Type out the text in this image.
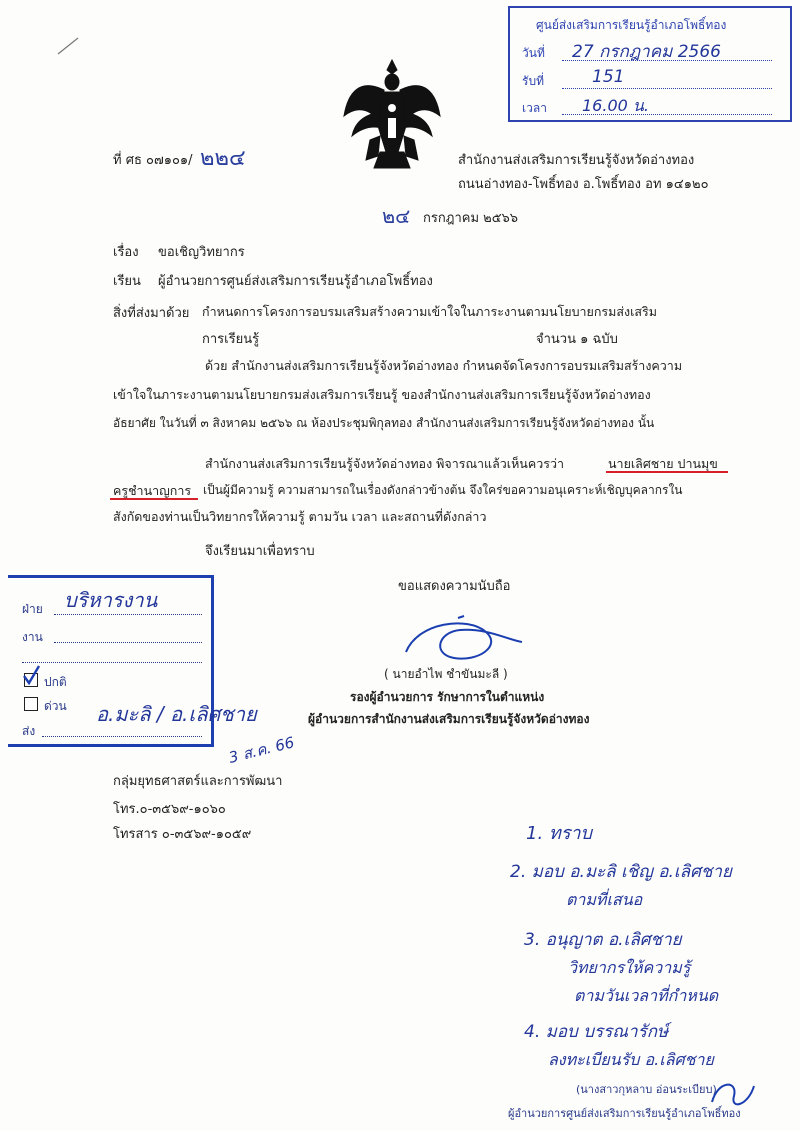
ศูนย์ส่งเสริมการเรียนรู้อำเภอโพธิ์ทอง
วันที่ 27 กรกฎาคม 2566
รับที่	151
เวลา 16.00 น.
ที่ ศธ ๐๗๑๐๑/ ๒๒๔	สำนักงานส่งเสริมการเรียนรู้จังหวัดอ่างทอง
ถนนอ่างทอง-โพธิ์ทอง อ.โพธิ์ทอง อท ๑๔๑๒๐
๒๔ กรกฎาคม ๒๕๖๖
เรื่อง ขอเชิญวิทยากร
เรียน ผู้อำนวยการศูนย์ส่งเสริมการเรียนรู้อำเภอโพธิ์ทอง
สิ่งที่ส่งมาด้วย กำหนดการโครงการอบรมเสริมสร้างความเข้าใจในภาระงานตามนโยบายกรมส่งเสริม
การเรียนรู้	จำนวน ๑ ฉบับ
ด้วย สำนักงานส่งเสริมการเรียนรู้จังหวัดอ่างทอง กำหนดจัดโครงการอบรมเสริมสร้างความ
เข้าใจในภาระงานตามนโยบายกรมส่งเสริมการเรียนรู้ ของสำนักงานส่งเสริมการเรียนรู้จังหวัดอ่างทอง
อัธยาศัย ในวันที่ ๓ สิงหาคม ๒๕๖๖ ณ ห้องประชุมพิกุลทอง สำนักงานส่งเสริมการเรียนรู้จังหวัดอ่างทอง นั้น
สำนักงานส่งเสริมการเรียนรู้จังหวัดอ่างทอง พิจารณาแล้วเห็นควรว่า	นายเลิศชาย ปานมุข
ครูชำนาญการ เป็นผู้มีความรู้ ความสามารถในเรื่องดังกล่าวข้างต้น จึงใคร่ขอความอนุเคราะห์เชิญบุคลากรใน
สังกัดของท่านเป็นวิทยากรให้ความรู้ ตามวัน เวลา และสถานที่ดังกล่าว
จึงเรียนมาเพื่อทราบ
ขอแสดงความนับถือ
( นายอำไพ ชำขันมะลี )
รองผู้อำนวยการ รักษาการในตำแหน่ง
ผู้อำนวยการสำนักงานส่งเสริมการเรียนรู้จังหวัดอ่างทอง
ฝ่าย บริหารงาน
งาน
ปกติ
ด่วน
ส่ง
อ.มะลิ / อ.เลิศชาย
3 ส.ค. 66
กลุ่มยุทธศาสตร์และการพัฒนา
โทร.๐-๓๕๖๙-๑๐๖๐
โทรสาร ๐-๓๕๖๙-๑๐๕๙	1. ทราบ
2. มอบ อ.มะลิ เชิญ อ.เลิศชาย
ตามที่เสนอ
3. อนุญาต อ.เลิศชาย
วิทยากรให้ความรู้
ตามวันเวลาที่กำหนด
4. มอบ บรรณารักษ์
ลงทะเบียนรับ อ.เลิศชาย
(นางสาวกุหลาบ อ่อนระเบียบ)
ผู้อำนวยการศูนย์ส่งเสริมการเรียนรู้อำเภอโพธิ์ทอง
